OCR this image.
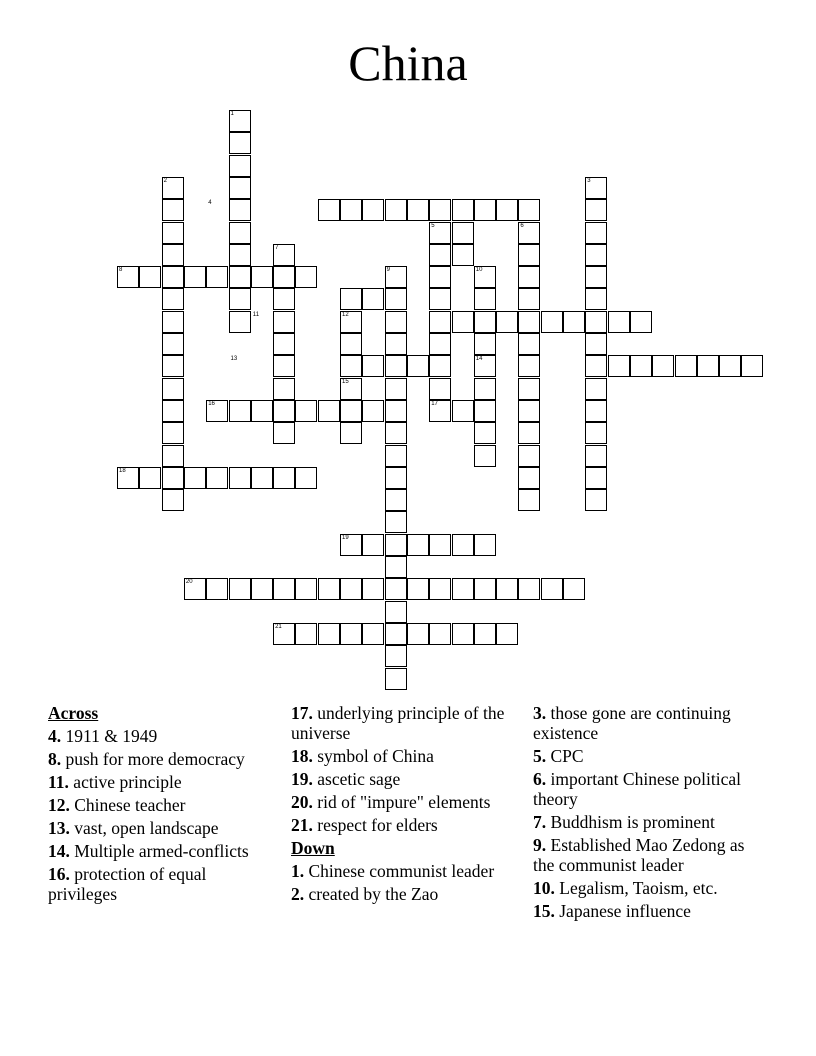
China
1
2	3
4
5	6
7
8	9	10
11	12
13	14
15
16	17
18
19
20
21
Across
4. 1911 & 1949
8. push for more democracy
11. active principle
12. Chinese teacher
13. vast, open landscape
14. Multiple armed-conflicts
16. protection of equal privileges
17. underlying principle of the universe
18. symbol of China
19. ascetic sage
20. rid of "impure" elements
21. respect for elders
Down
1. Chinese communist leader
2. created by the Zao
3. those gone are continuing existence
5. CPC
6. important Chinese political theory
7. Buddhism is prominent
9. Established Mao Zedong as the communist leader
10. Legalism, Taoism, etc.
15. Japanese influence
